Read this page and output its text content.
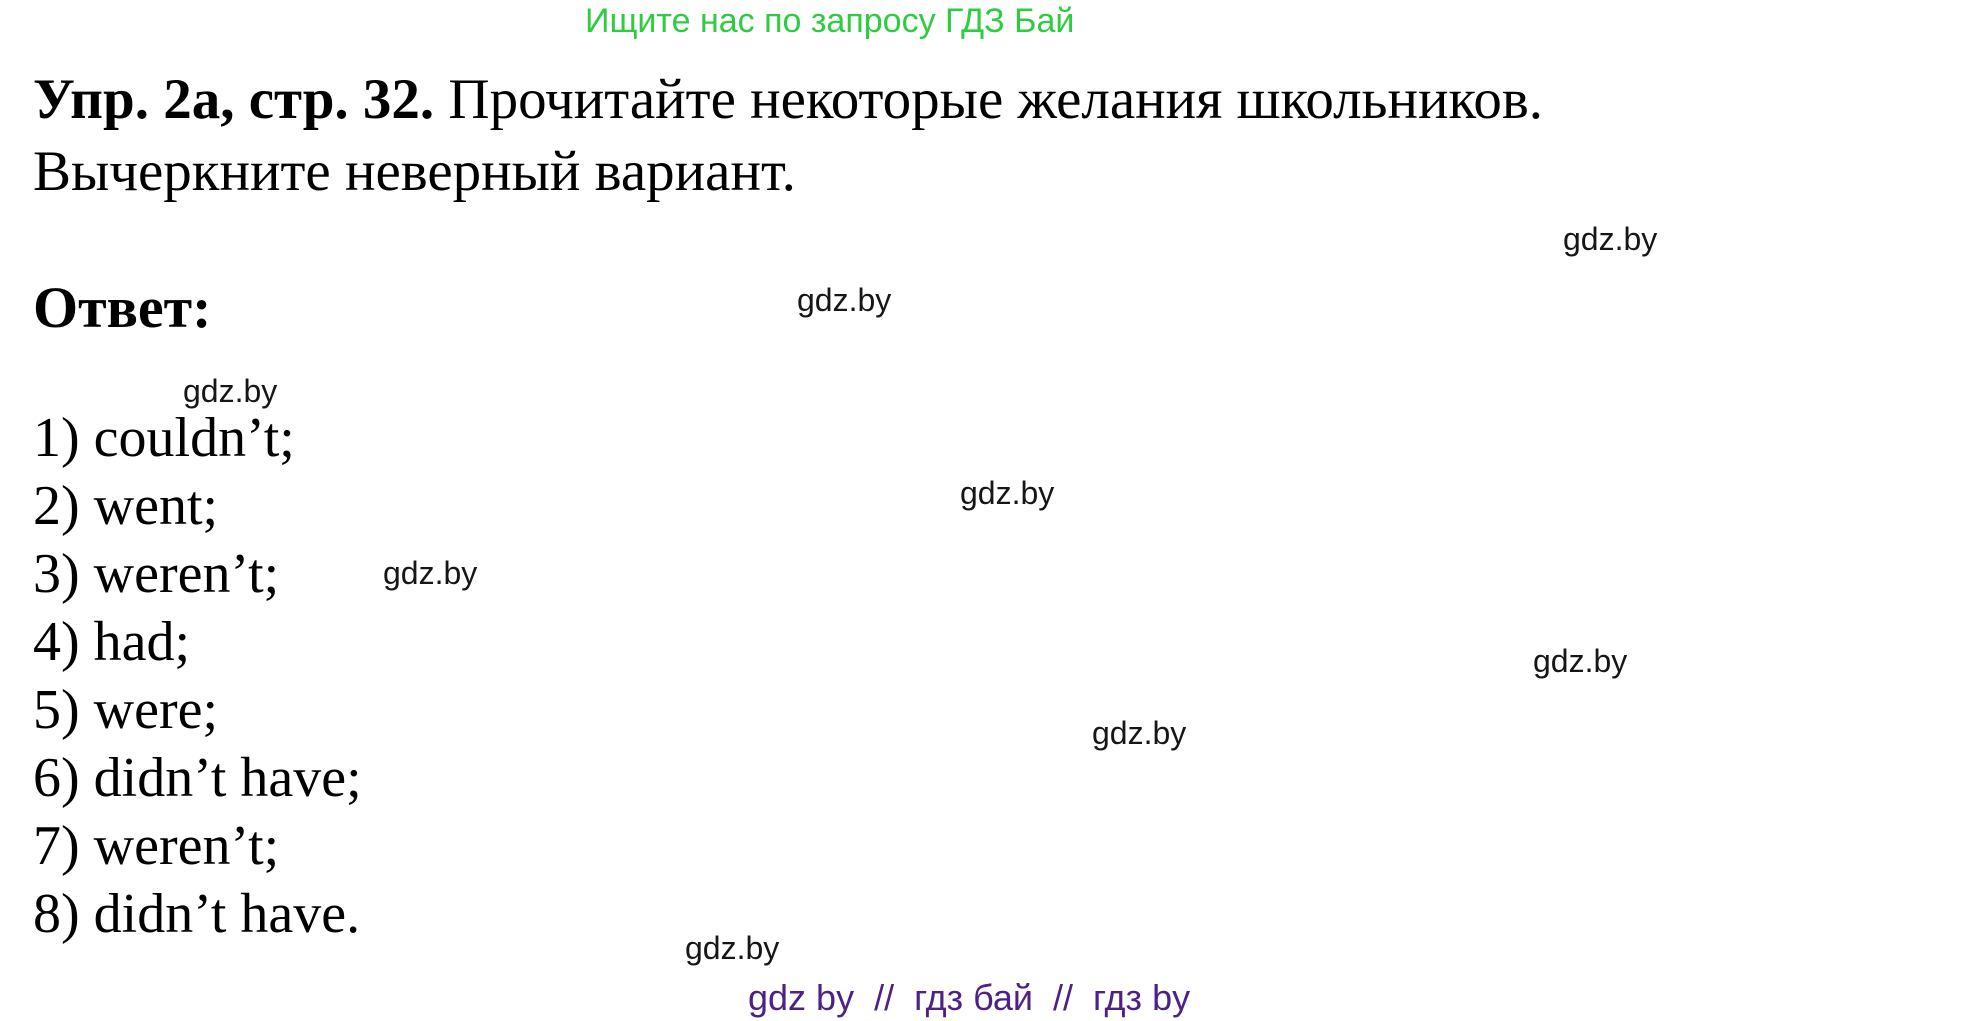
Ищите нас по запросу ГДЗ Бай
Упр. 2а, стр. 32. Прочитайте некоторые желания школьников.
Вычеркните неверный вариант.
Ответ:
1) couldn’t;
2) went;
3) weren’t;
4) had;
5) were;
6) didn’t have;
7) weren’t;
8) didn’t have.
gdz.by
gdz.by
gdz.by
gdz.by
gdz.by
gdz.by
gdz.by
gdz.by
gdz by  //  гдз бай  //  гдз by
